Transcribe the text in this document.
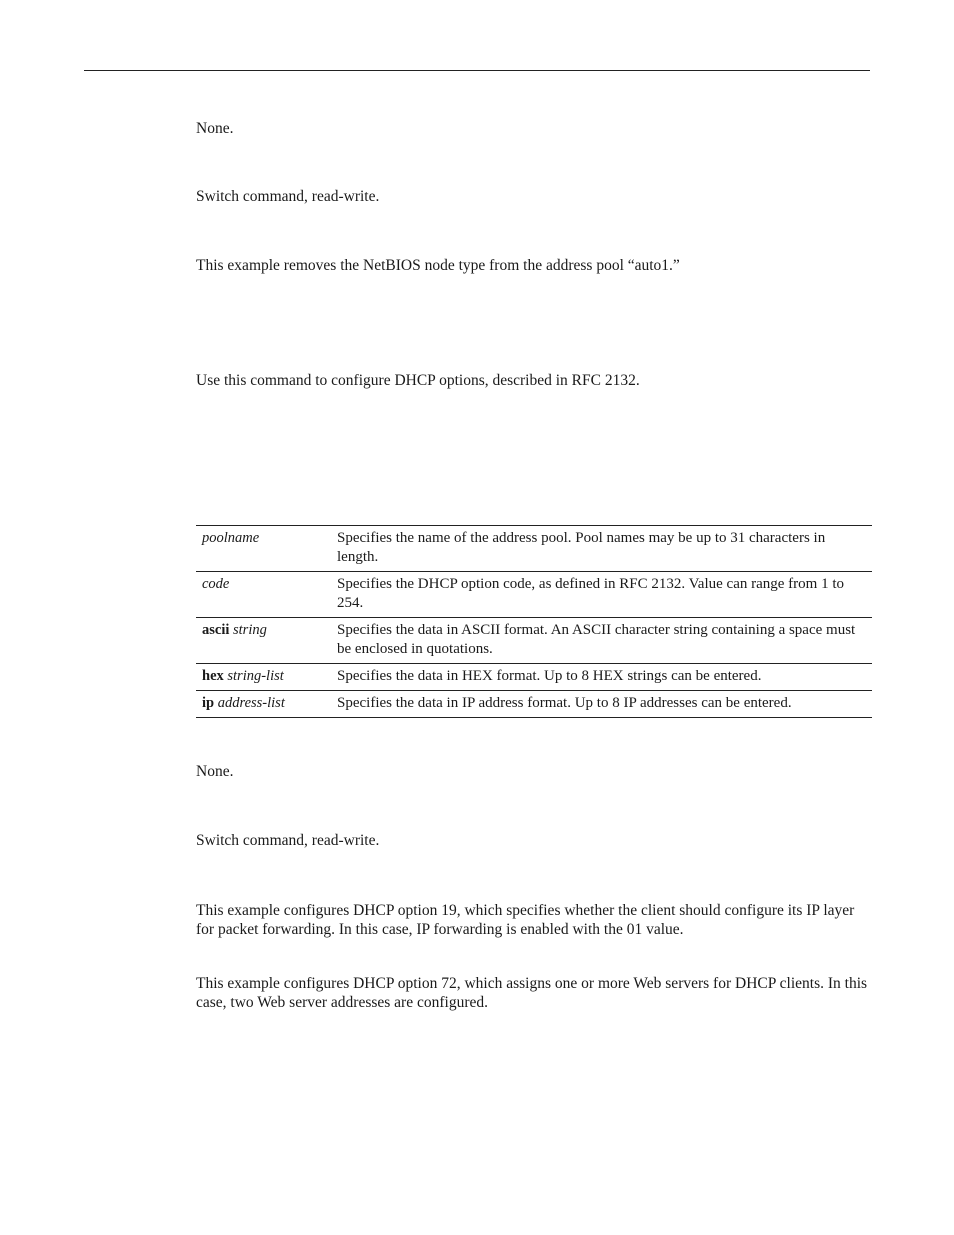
None.

Switch command, read-write.

This example removes the NetBIOS node type from the address pool “auto1.”

Use this command to configure DHCP options, described in RFC 2132.

poolname	Specifies the name of the address pool. Pool names may be up to 31 characters in length.
code	Specifies the DHCP option code, as defined in RFC 2132. Value can range from 1 to 254.
ascii string	Specifies the data in ASCII format. An ASCII character string containing a space must be enclosed in quotations.
hex string-list	Specifies the data in HEX format. Up to 8 HEX strings can be entered.
ip address-list	Specifies the data in IP address format. Up to 8 IP addresses can be entered.

None.

Switch command, read-write.

This example configures DHCP option 19, which specifies whether the client should configure its IP layer for packet forwarding. In this case, IP forwarding is enabled with the 01 value.

This example configures DHCP option 72, which assigns one or more Web servers for DHCP clients. In this case, two Web server addresses are configured.
